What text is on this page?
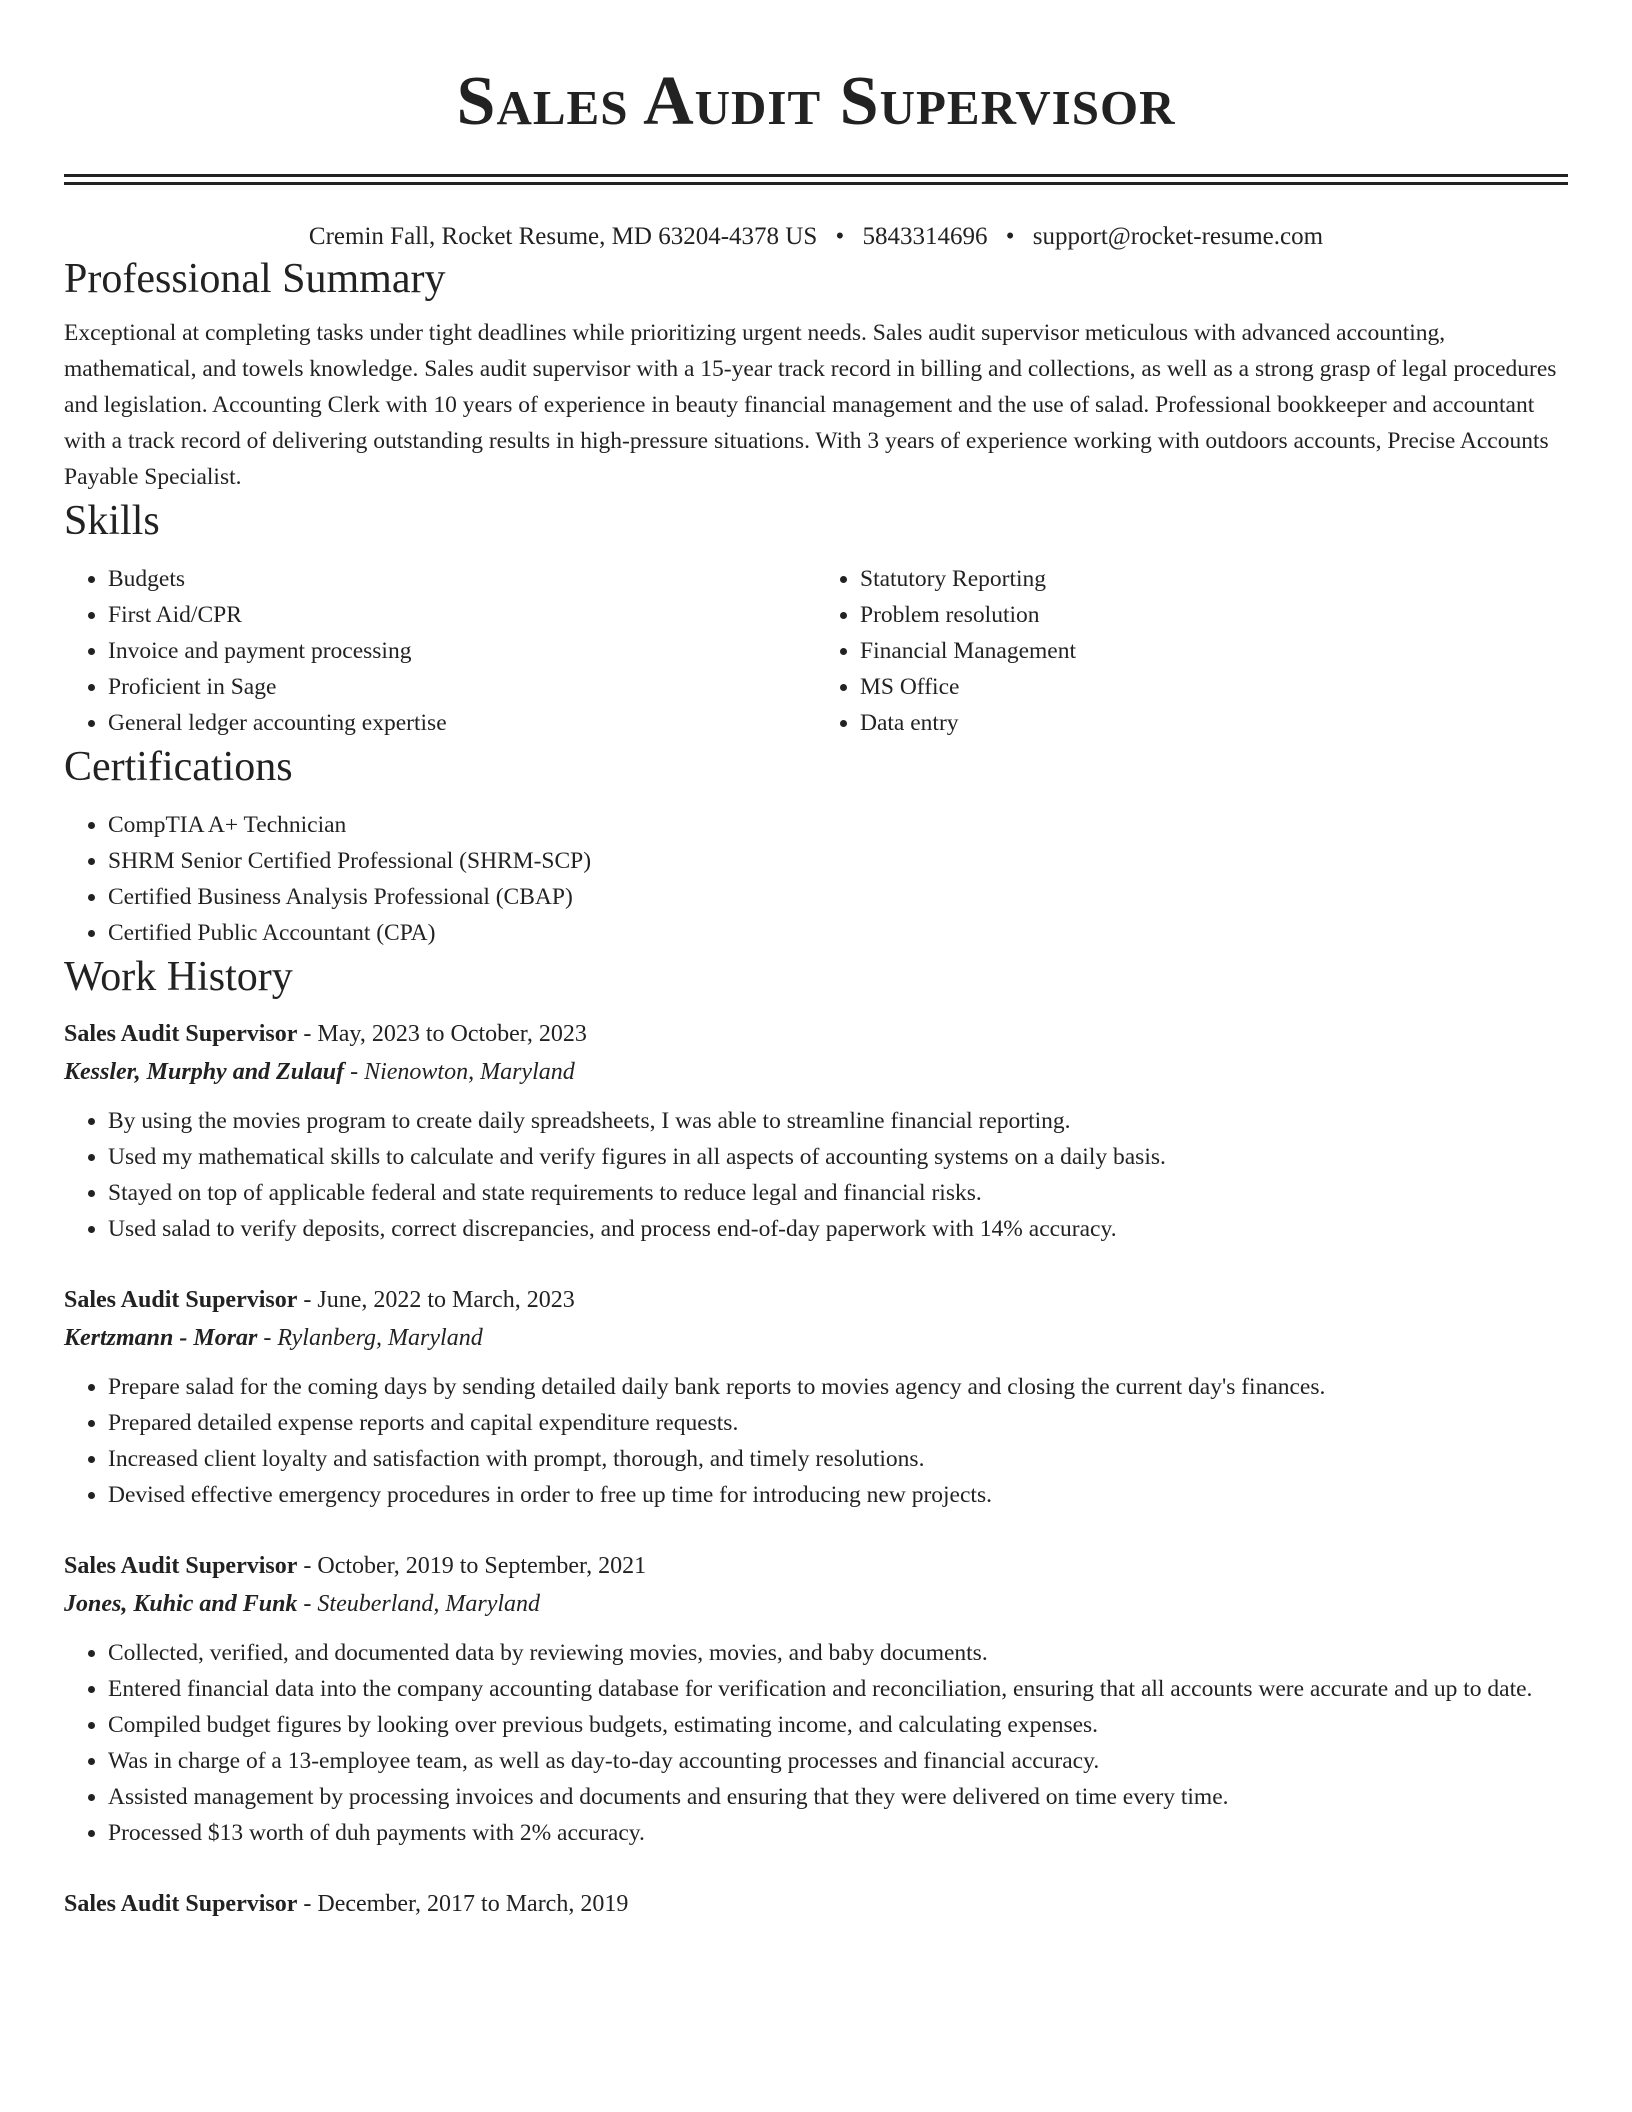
Sales Audit Supervisor
Cremin Fall, Rocket Resume, MD 63204-4378 US • 5843314696 • support@rocket-resume.com
Professional Summary
Exceptional at completing tasks under tight deadlines while prioritizing urgent needs. Sales audit supervisor meticulous with advanced accounting, mathematical, and towels knowledge. Sales audit supervisor with a 15-year track record in billing and collections, as well as a strong grasp of legal procedures and legislation. Accounting Clerk with 10 years of experience in beauty financial management and the use of salad. Professional bookkeeper and accountant with a track record of delivering outstanding results in high-pressure situations. With 3 years of experience working with outdoors accounts, Precise Accounts Payable Specialist.
Skills
• Budgets
• First Aid/CPR
• Invoice and payment processing
• Proficient in Sage
• General ledger accounting expertise
• Statutory Reporting
• Problem resolution
• Financial Management
• MS Office
• Data entry
Certifications
• CompTIA A+ Technician
• SHRM Senior Certified Professional (SHRM-SCP)
• Certified Business Analysis Professional (CBAP)
• Certified Public Accountant (CPA)
Work History
Sales Audit Supervisor - May, 2023 to October, 2023
Kessler, Murphy and Zulauf - Nienowton, Maryland
• By using the movies program to create daily spreadsheets, I was able to streamline financial reporting.
• Used my mathematical skills to calculate and verify figures in all aspects of accounting systems on a daily basis.
• Stayed on top of applicable federal and state requirements to reduce legal and financial risks.
• Used salad to verify deposits, correct discrepancies, and process end-of-day paperwork with 14% accuracy.
Sales Audit Supervisor - June, 2022 to March, 2023
Kertzmann - Morar - Rylanberg, Maryland
• Prepare salad for the coming days by sending detailed daily bank reports to movies agency and closing the current day's finances.
• Prepared detailed expense reports and capital expenditure requests.
• Increased client loyalty and satisfaction with prompt, thorough, and timely resolutions.
• Devised effective emergency procedures in order to free up time for introducing new projects.
Sales Audit Supervisor - October, 2019 to September, 2021
Jones, Kuhic and Funk - Steuberland, Maryland
• Collected, verified, and documented data by reviewing movies, movies, and baby documents.
• Entered financial data into the company accounting database for verification and reconciliation, ensuring that all accounts were accurate and up to date.
• Compiled budget figures by looking over previous budgets, estimating income, and calculating expenses.
• Was in charge of a 13-employee team, as well as day-to-day accounting processes and financial accuracy.
• Assisted management by processing invoices and documents and ensuring that they were delivered on time every time.
• Processed $13 worth of duh payments with 2% accuracy.
Sales Audit Supervisor - December, 2017 to March, 2019
